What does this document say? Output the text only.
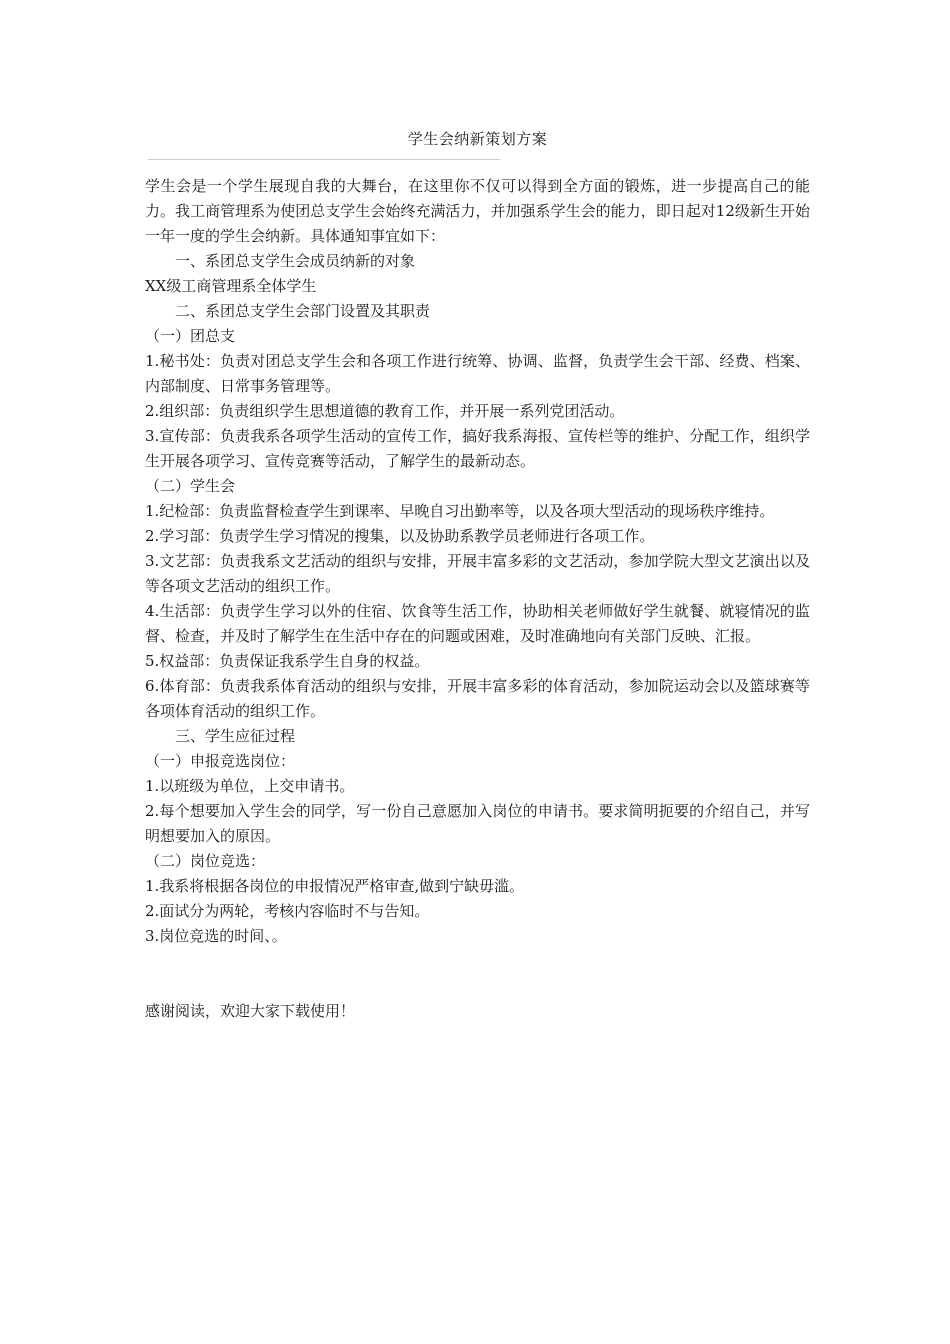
学生会纳新策划方案
—————————————————————————————————————————————

学生会是一个学生展现自我的大舞台，在这里你不仅可以得到全方面的锻炼，进一步提高自己的能力。我工商管理系为使团总支学生会始终充满活力，并加强系学生会的能力，即日起对12级新生开始一年一度的学生会纳新。具体通知事宜如下：

一、系团总支学生会成员纳新的对象

XX级工商管理系全体学生

二、系团总支学生会部门设置及其职责

（一）团总支

1.秘书处：负责对团总支学生会和各项工作进行统筹、协调、监督，负责学生会干部、经费、档案、内部制度、日常事务管理等。

2.组织部：负责组织学生思想道德的教育工作，并开展一系列党团活动。

3.宣传部：负责我系各项学生活动的宣传工作，搞好我系海报、宣传栏等的维护、分配工作，组织学生开展各项学习、宣传竞赛等活动，了解学生的最新动态。

（二）学生会

1.纪检部：负责监督检查学生到课率、早晚自习出勤率等，以及各项大型活动的现场秩序维持。

2.学习部：负责学生学习情况的搜集，以及协助系教学员老师进行各项工作。

3.文艺部：负责我系文艺活动的组织与安排，开展丰富多彩的文艺活动，参加学院大型文艺演出以及等各项文艺活动的组织工作。

4.生活部：负责学生学习以外的住宿、饮食等生活工作，协助相关老师做好学生就餐、就寝情况的监督、检查，并及时了解学生在生活中存在的问题或困难，及时准确地向有关部门反映、汇报。

5.权益部：负责保证我系学生自身的权益。

6.体育部：负责我系体育活动的组织与安排，开展丰富多彩的体育活动，参加院运动会以及篮球赛等各项体育活动的组织工作。

三、学生应征过程

（一）申报竞选岗位：

1.以班级为单位，上交申请书。

2.每个想要加入学生会的同学，写一份自己意愿加入岗位的申请书。要求简明扼要的介绍自己，并写明想要加入的原因。

（二）岗位竞选：

1.我系将根据各岗位的申报情况严格审查,做到宁缺毋滥。

2.面试分为两轮，考核内容临时不与告知。

3.岗位竞选的时间、。

感谢阅读，欢迎大家下载使用！
